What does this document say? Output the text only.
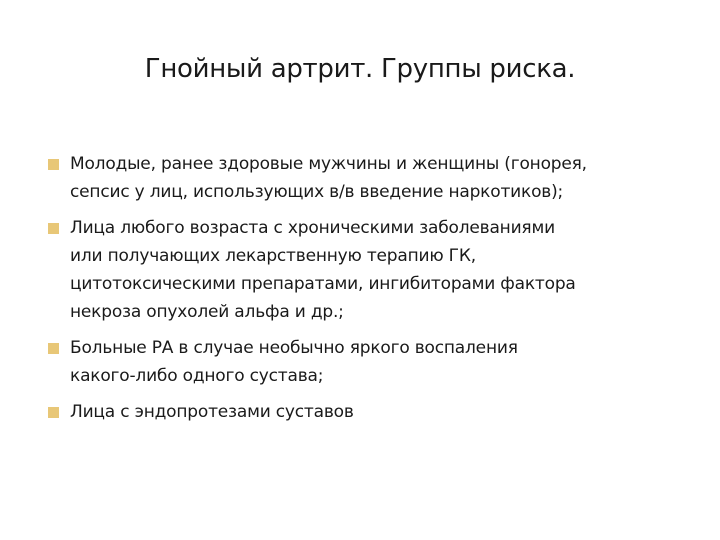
Гнойный артрит. Группы риска.
Молодые, ранее здоровые мужчины и женщины (гонорея,
сепсис у лиц, использующих в/в введение наркотиков);
Лица любого возраста с хроническими заболеваниями
или получающих лекарственную терапию ГК,
цитотоксическими препаратами, ингибиторами фактора
некроза опухолей альфа и др.;
Больные РА в случае необычно яркого воспаления
какого-либо одного сустава;
Лица с эндопротезами суставов
